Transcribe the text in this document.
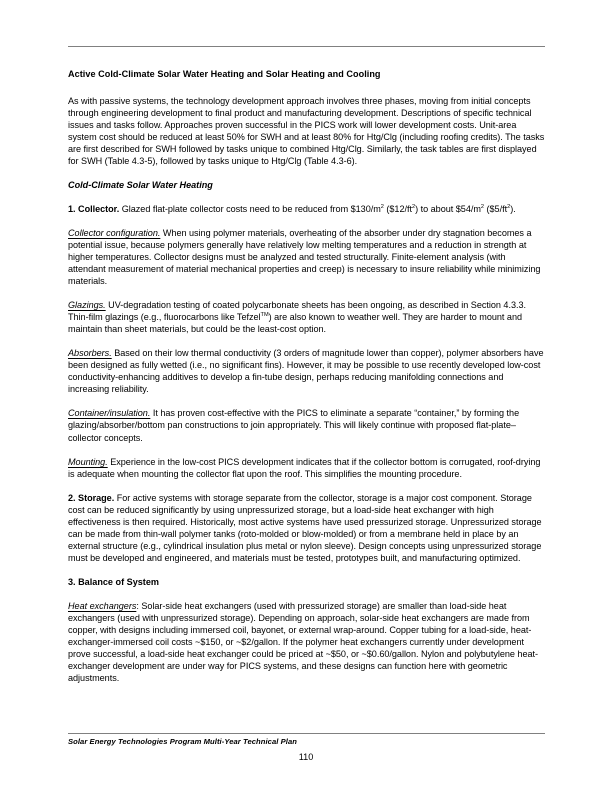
Active Cold-Climate Solar Water Heating and Solar Heating and Cooling

As with passive systems, the technology development approach involves three phases, moving from initial concepts through engineering development to final product and manufacturing development. Descriptions of specific technical issues and tasks follow. Approaches proven successful in the PICS work will lower development costs. Unit-area system cost should be reduced at least 50% for SWH and at least 80% for Htg/Clg (including roofing credits). The tasks are first described for SWH followed by tasks unique to combined Htg/Clg. Similarly, the task tables are first displayed for SWH (Table 4.3-5), followed by tasks unique to Htg/Clg (Table 4.3-6).

Cold-Climate Solar Water Heating

1. Collector. Glazed flat-plate collector costs need to be reduced from $\$130/m^2$ $(\$12/ft^2)$ to about $\$54/m^2$ $(\$5/ft^2)$.

Collector configuration. When using polymer materials, overheating of the absorber under dry stagnation becomes a potential issue, because polymers generally have relatively low melting temperatures and a reduction in strength at higher temperatures. Collector designs must be analyzed and tested structurally. Finite-element analysis (with attendant measurement of material mechanical properties and creep) is necessary to insure reliability while minimizing materials.

Glazings. UV-degradation testing of coated polycarbonate sheets has been ongoing, as described in Section 4.3.3. Thin-film glazings (e.g., fluorocarbons like Tefzel™) are also known to weather well. They are harder to mount and maintain than sheet materials, but could be the least-cost option.

Absorbers. Based on their low thermal conductivity (3 orders of magnitude lower than copper), polymer absorbers have been designed as fully wetted (i.e., no significant fins). However, it may be possible to use recently developed low-cost conductivity-enhancing additives to develop a fin-tube design, perhaps reducing manifolding connections and increasing reliability.

Container/insulation. It has proven cost-effective with the PICS to eliminate a separate “container,” by forming the glazing/absorber/bottom pan constructions to join appropriately. This will likely continue with proposed flat-plate–collector concepts.

Mounting. Experience in the low-cost PICS development indicates that if the collector bottom is corrugated, roof-drying is adequate when mounting the collector flat upon the roof. This simplifies the mounting procedure.

2. Storage. For active systems with storage separate from the collector, storage is a major cost component. Storage cost can be reduced significantly by using unpressurized storage, but a load-side heat exchanger with high effectiveness is then required. Historically, most active systems have used pressurized storage. Unpressurized storage can be made from thin-wall polymer tanks (roto-molded or blow-molded) or from a membrane held in place by an external structure (e.g., cylindrical insulation plus metal or nylon sleeve). Design concepts using unpressurized storage must be developed and engineered, and materials must be tested, prototypes built, and manufacturing optimized.

3. Balance of System

Heat exchangers: Solar-side heat exchangers (used with pressurized storage) are smaller than load-side heat exchangers (used with unpressurized storage). Depending on approach, solar-side heat exchangers are made from copper, with designs including immersed coil, bayonet, or external wrap-around. Copper tubing for a load-side, heat-exchanger-immersed coil costs ~$150, or ~$2/gallon. If the polymer heat exchangers currently under development prove successful, a load-side heat exchanger could be priced at ~$50, or ~$0.60/gallon. Nylon and polybutylene heat-exchanger development are under way for PICS systems, and these designs can function here with geometric adjustments.

Solar Energy Technologies Program Multi-Year Technical Plan
110
